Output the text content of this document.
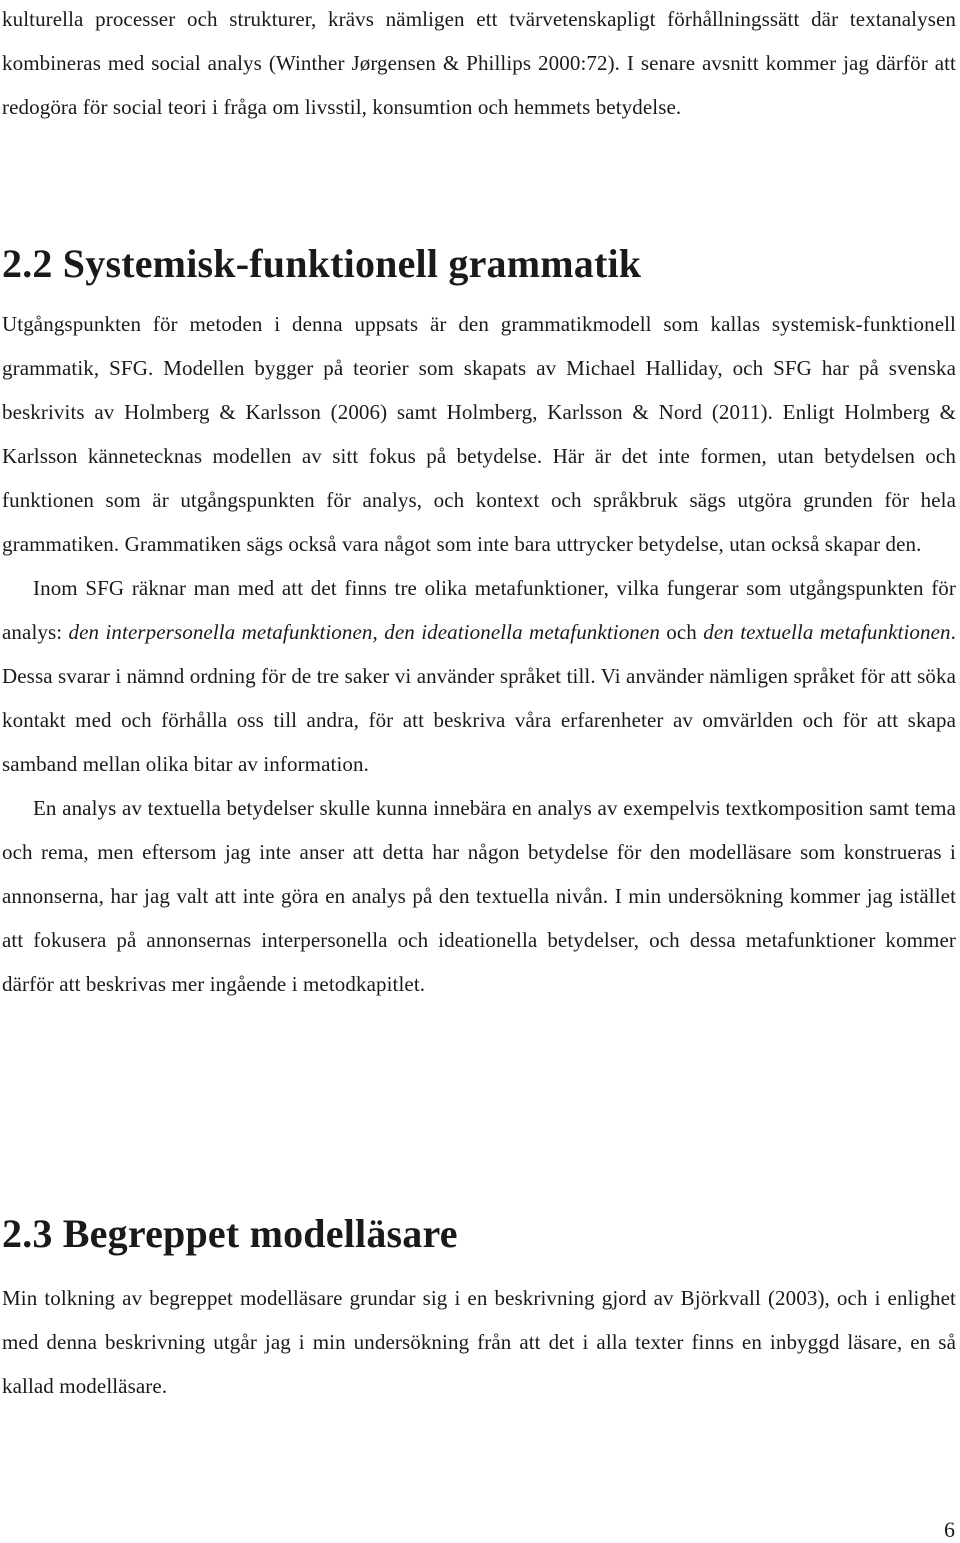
kulturella processer och strukturer, krävs nämligen ett tvärvetenskapligt förhållningssätt där textanalysen kombineras med social analys (Winther Jørgensen & Phillips 2000:72). I senare avsnitt kommer jag därför att redogöra för social teori i fråga om livsstil, konsumtion och hemmets betydelse.

2.2 Systemisk-funktionell grammatik

Utgångspunkten för metoden i denna uppsats är den grammatikmodell som kallas systemisk-funktionell grammatik, SFG. Modellen bygger på teorier som skapats av Michael Halliday, och SFG har på svenska beskrivits av Holmberg & Karlsson (2006) samt Holmberg, Karlsson & Nord (2011). Enligt Holmberg & Karlsson kännetecknas modellen av sitt fokus på betydelse. Här är det inte formen, utan betydelsen och funktionen som är utgångspunkten för analys, och kontext och språkbruk sägs utgöra grunden för hela grammatiken. Grammatiken sägs också vara något som inte bara uttrycker betydelse, utan också skapar den.

Inom SFG räknar man med att det finns tre olika metafunktioner, vilka fungerar som utgångspunkten för analys: den interpersonella metafunktionen, den ideationella metafunktionen och den textuella metafunktionen. Dessa svarar i nämnd ordning för de tre saker vi använder språket till. Vi använder nämligen språket för att söka kontakt med och förhålla oss till andra, för att beskriva våra erfarenheter av omvärlden och för att skapa samband mellan olika bitar av information.

En analys av textuella betydelser skulle kunna innebära en analys av exempelvis textkomposition samt tema och rema, men eftersom jag inte anser att detta har någon betydelse för den modelläsare som konstrueras i annonserna, har jag valt att inte göra en analys på den textuella nivån. I min undersökning kommer jag istället att fokusera på annonsernas interpersonella och ideationella betydelser, och dessa metafunktioner kommer därför att beskrivas mer ingående i metodkapitlet.

2.3 Begreppet modelläsare

Min tolkning av begreppet modelläsare grundar sig i en beskrivning gjord av Björkvall (2003), och i enlighet med denna beskrivning utgår jag i min undersökning från att det i alla texter finns en inbyggd läsare, en så kallad modelläsare.

6
